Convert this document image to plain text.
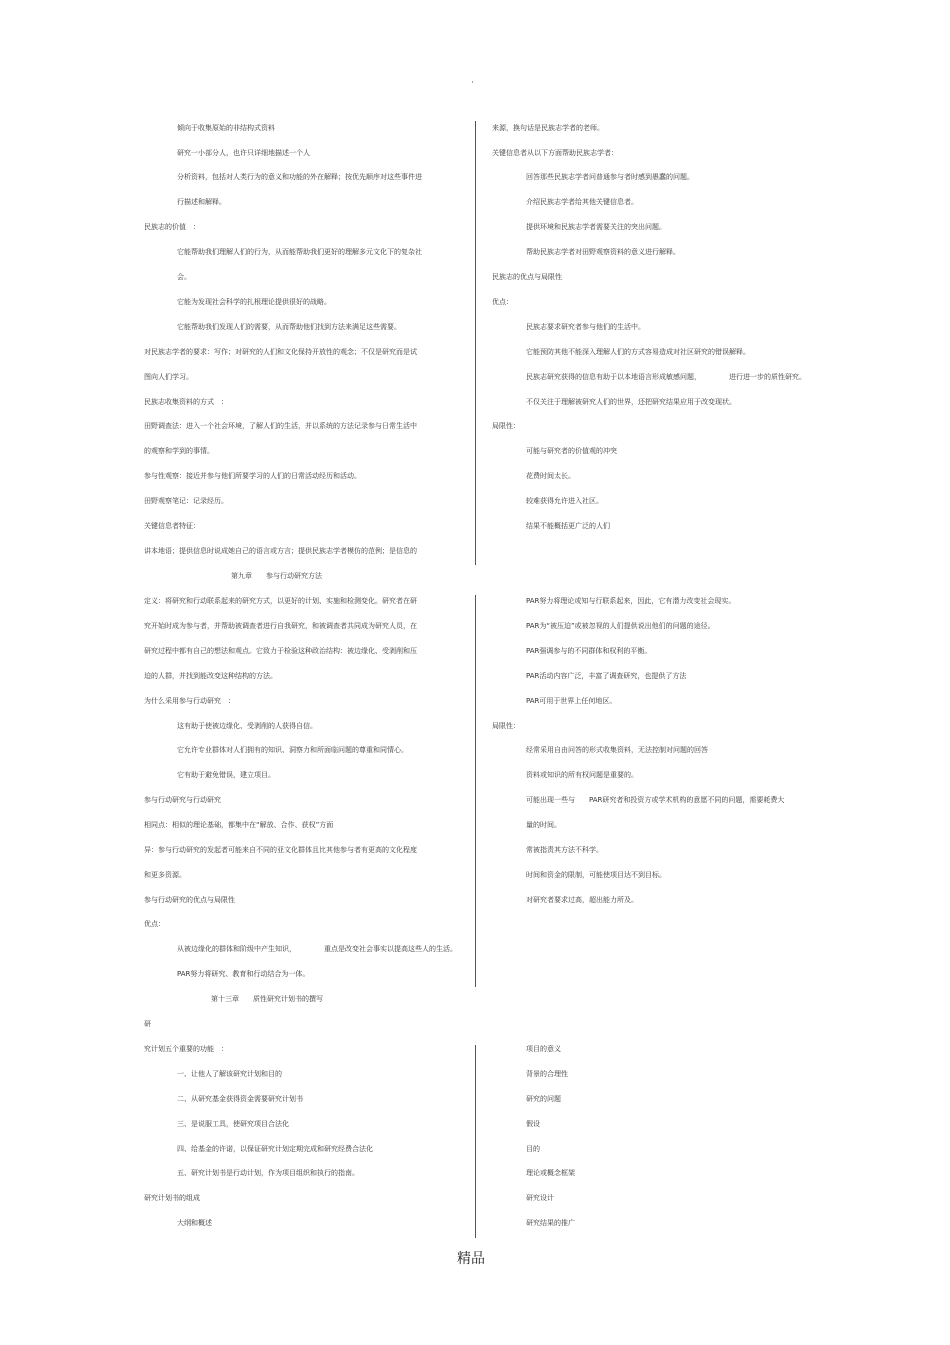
·
倾向于收集原始的非结构式资料
研究一小部分人，也许只详细地描述一个人
分析资料，包括对人类行为的意义和功能的外在解释；按优先顺序对这些事件进
行描述和解释。
民族志的价值　：
它能帮助我们理解人们的行为，从而能帮助我们更好的理解多元文化下的复杂社
会。
它能为发现社会科学的扎根理论提供很好的战略。
它能帮助我们发现人们的需要，从而帮助他们找到方法来满足这些需要。
对民族志学者的要求：写作；对研究的人们和文化保持开放性的观念；不仅是研究而是试
图向人们学习。
民族志收集资料的方式　：
田野调查法：进入一个社会环境，了解人们的生活，并以系统的方法记录参与日常生活中
的观察和学到的事情。
参与性观察：接近并参与他们所要学习的人们的日常活动经历和活动。
田野观察笔记：记录经历。
关键信息者特征：
讲本地语；提供信息时说成她自己的语言或方言；提供民族志学者模仿的范例；是信息的
来源，换句话是民族志学者的老师。
关键信息者从以下方面帮助民族志学者：
回答那些民族志学者问普通参与者时感到愚蠢的问题。
介绍民族志学者给其他关键信息者。
提供环境和民族志学者需要关注的突出问题。
帮助民族志学者对田野观察资料的意义进行解释。
民族志的优点与局限性
优点：
民族志要求研究者参与他们的生活中。
它能预防其他不能深入理解人们的方式容易造成对社区研究的错误解释。
民族志研究获得的信息有助于以本地语言形成敏感问题，	进行进一步的质性研究。
不仅关注于理解被研究人们的世界，还把研究结果应用于改变现状。
局限性：
可能与研究者的价值观的冲突
花费时间太长。
较难获得允许进入社区。
结果不能概括更广泛的人们
第九章 参与行动研究方法
定义：将研究和行动联系起来的研究方式，以更好的计划、实施和检测变化。研究者在研
究开始时成为参与者，并帮助被调查者进行自我研究，和被调查者共同成为研究人员，在
研究过程中都有自己的想法和观点。它致力于检验这种政治结构：被边缘化、受剥削和压
迫的人群，并找到能改变这种结构的方法。
为什么采用参与行动研究　：
这有助于使被边缘化、受剥削的人获得自信。
它允许专业群体对人们拥有的知识、洞察力和所面临问题的尊重和同情心。
它有助于避免错误，建立项目。
参与行动研究与行动研究
相同点：相似的理论基础，都集中在“解放、合作、获权”方面
异：参与行动研究的发起者可能来自不同的亚文化群体且比其他参与者有更高的文化程度
和更多资源。
参与行动研究的优点与局限性
优点：
从被边缘化的群体和阶级中产生知识，	重点是改变社会事实以提高这些人的生活。
PAR努力将研究、教育和行动结合为一体。
PAR努力将理论或知与行联系起来，因此，它有潜力改变社会现实。
PAR为“被压迫”或被忽视的人们提供说出他们的问题的途径。
PAR强调参与的不同群体和权利的平衡。
PAR活动内容广泛，丰富了调查研究，也提供了方法
PAR可用于世界上任何地区。
局限性：
经常采用自由问答的形式收集资料，无法控制对问题的回答
资料或知识的所有权问题是重要的。
可能出现一些与 PAR研究者和投资方或学术机构的意愿不同的问题，需要耗费大
量的时间。
常被指责其方法不科学。
时间和资金的限制，可能使项目达不到目标。
对研究者要求过高，超出能力所及。
第十三章 质性研究计划书的撰写
研
究计划五个重要的功能　：
一、让他人了解该研究计划和目的
二、从研究基金获得资金需要研究计划书
三、是说服工具，使研究项目合法化
四、给基金的许诺，以保证研究计划定期完成和研究经费合法化
五、研究计划书是行动计划，作为项目组织和执行的指南。
研究计划书的组成
大纲和概述
项目的意义
背景的合理性
研究的问题
假设
目的
理论或概念框架
研究设计
研究结果的推广
精品
